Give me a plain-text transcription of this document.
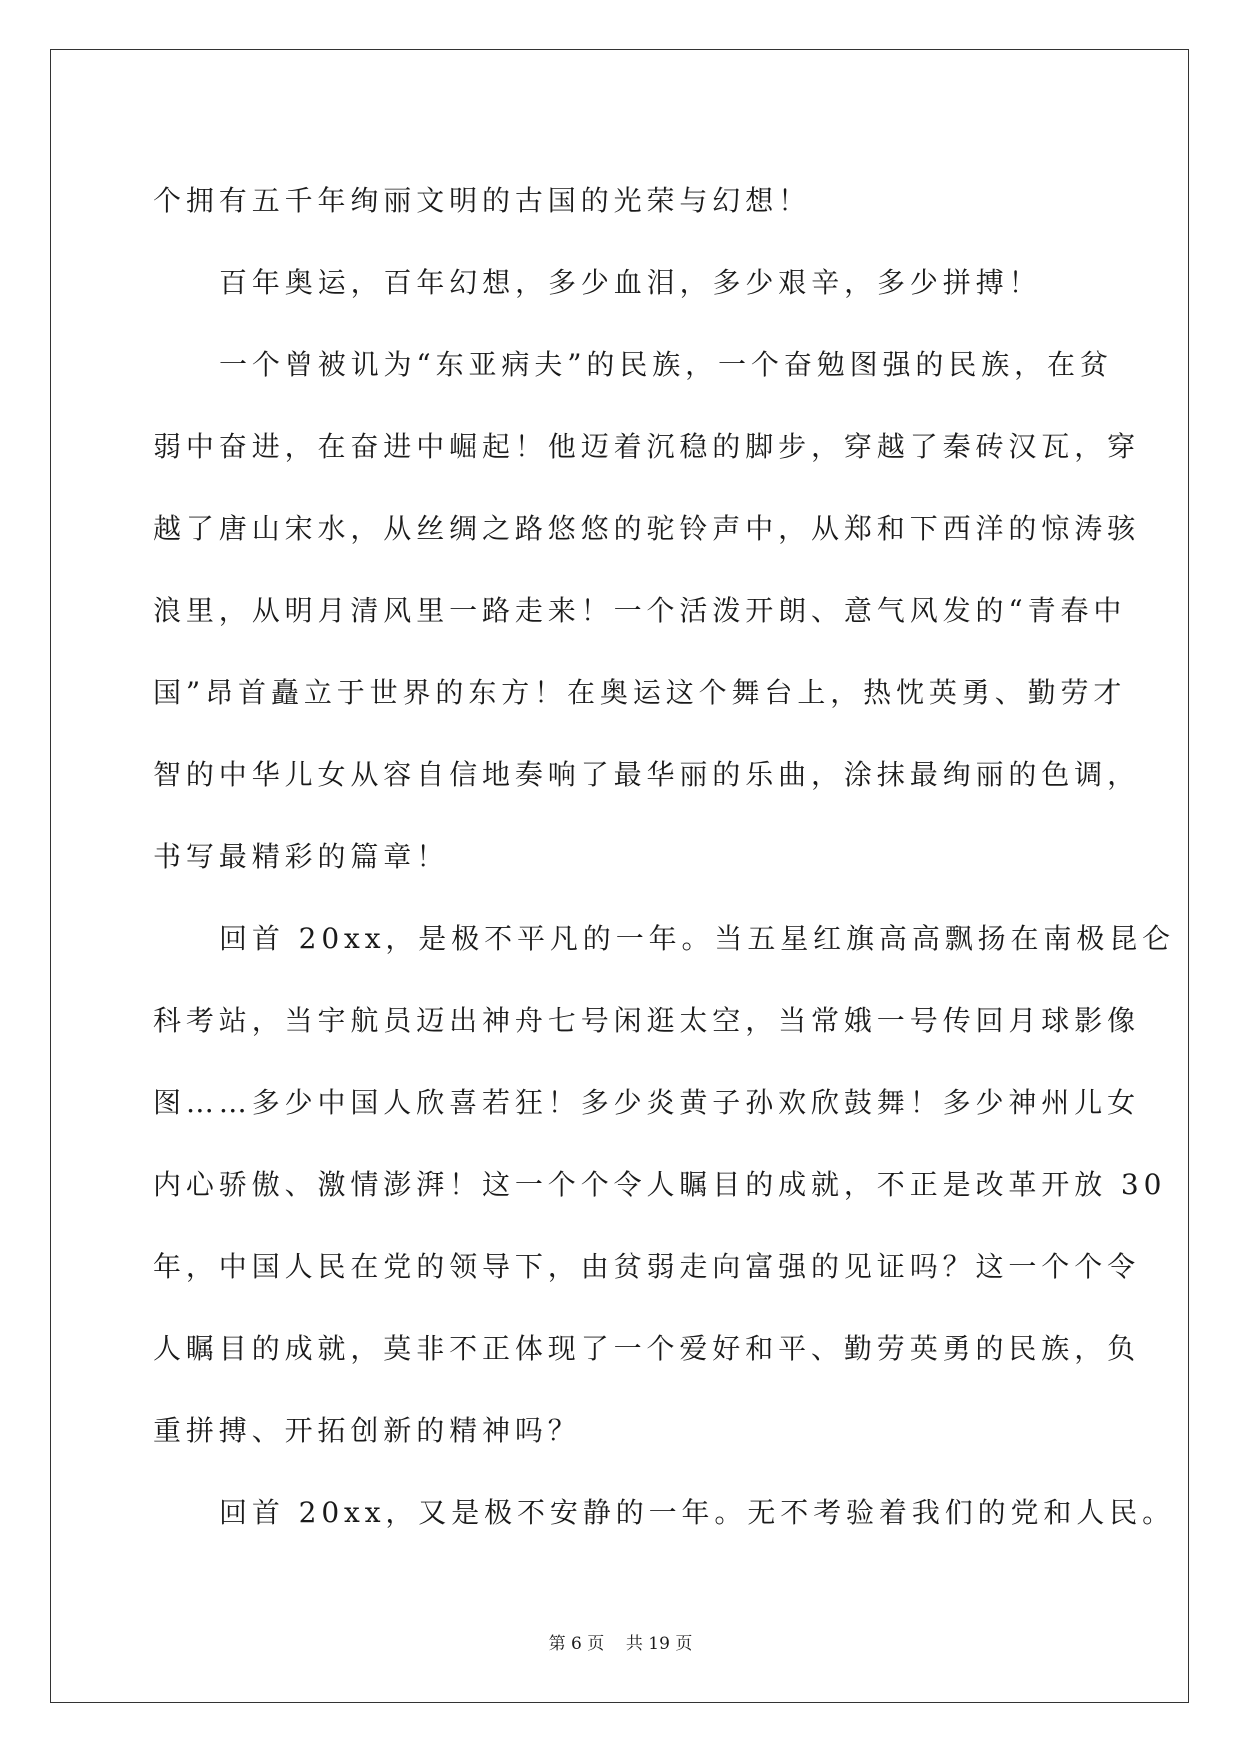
个拥有五千年绚丽文明的古国的光荣与幻想！
百年奥运，百年幻想，多少血泪，多少艰辛，多少拼搏！
一个曾被讥为“东亚病夫”的民族，一个奋勉图强的民族，在贫
弱中奋进，在奋进中崛起！他迈着沉稳的脚步，穿越了秦砖汉瓦，穿
越了唐山宋水，从丝绸之路悠悠的驼铃声中，从郑和下西洋的惊涛骇
浪里，从明月清风里一路走来！一个活泼开朗、意气风发的“青春中
国”昂首矗立于世界的东方！在奥运这个舞台上，热忱英勇、勤劳才
智的中华儿女从容自信地奏响了最华丽的乐曲，涂抹最绚丽的色调，
书写最精彩的篇章！
回首 20xx，是极不平凡的一年。当五星红旗高高飘扬在南极昆仑
科考站，当宇航员迈出神舟七号闲逛太空，当常娥一号传回月球影像
图……多少中国人欣喜若狂！多少炎黄子孙欢欣鼓舞！多少神州儿女
内心骄傲、激情澎湃！这一个个令人瞩目的成就，不正是改革开放 30
年，中国人民在党的领导下，由贫弱走向富强的见证吗？这一个个令
人瞩目的成就，莫非不正体现了一个爱好和平、勤劳英勇的民族，负
重拼搏、开拓创新的精神吗？
回首 20xx，又是极不安静的一年。无不考验着我们的党和人民。
第 6 页    共 19 页
